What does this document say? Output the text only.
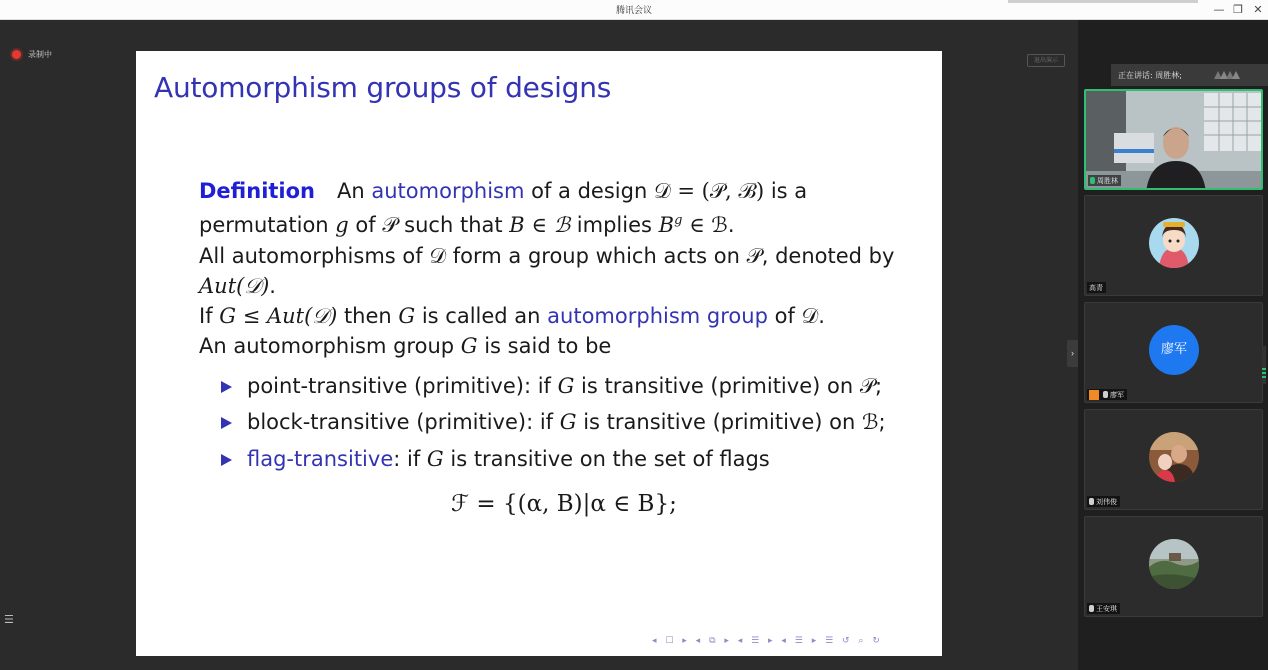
腾讯会议	— ❐ ✕
录制中
退出演示
›
☰
Automorphism groups of designs
Definition An automorphism of a design 𝒟 = (𝒫, ℬ) is a
permutation g of 𝒫 such that B ∈ ℬ implies $B^g$ ∈ ℬ.
All automorphisms of 𝒟 form a group which acts on 𝒫, denoted by
Aut(𝒟).
If G ≤ Aut(𝒟) then G is called an automorphism group of 𝒟.
An automorphism group G is said to be
point-transitive (primitive): if G is transitive (primitive) on 𝒫;
block-transitive (primitive): if G is transitive (primitive) on ℬ;
flag-transitive: if G is transitive on the set of flags
ℱ = {(α, B)|α ∈ B};
◂ ☐ ▸ ◂ ⧉ ▸ ◂ ☰ ▸ ◂ ☰ ▸ ☰ ↺ ⌕ ↻
正在讲话: 周胜林;
周胜林
高青
廖军
廖军
刘伟俊
王安琪
